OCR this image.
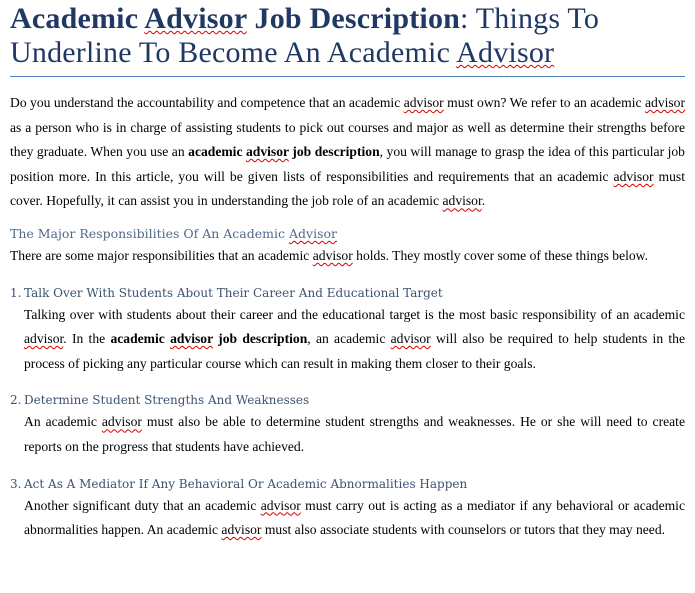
Academic Advisor Job Description: Things To Underline To Become An Academic Advisor

Do you understand the accountability and competence that an academic advisor must own? We refer to an academic advisor as a person who is in charge of assisting students to pick out courses and major as well as determine their strengths before they graduate. When you use an academic advisor job description, you will manage to grasp the idea of this particular job position more. In this article, you will be given lists of responsibilities and requirements that an academic advisor must cover. Hopefully, it can assist you in understanding the job role of an academic advisor.

The Major Responsibilities Of An Academic Advisor

There are some major responsibilities that an academic advisor holds. They mostly cover some of these things below.

1. Talk Over With Students About Their Career And Educational Target

Talking over with students about their career and the educational target is the most basic responsibility of an academic advisor. In the academic advisor job description, an academic advisor will also be required to help students in the process of picking any particular course which can result in making them closer to their goals.

2. Determine Student Strengths And Weaknesses

An academic advisor must also be able to determine student strengths and weaknesses. He or she will need to create reports on the progress that students have achieved.

3. Act As A Mediator If Any Behavioral Or Academic Abnormalities Happen

Another significant duty that an academic advisor must carry out is acting as a mediator if any behavioral or academic abnormalities happen. An academic advisor must also associate students with counselors or tutors that they may need.
